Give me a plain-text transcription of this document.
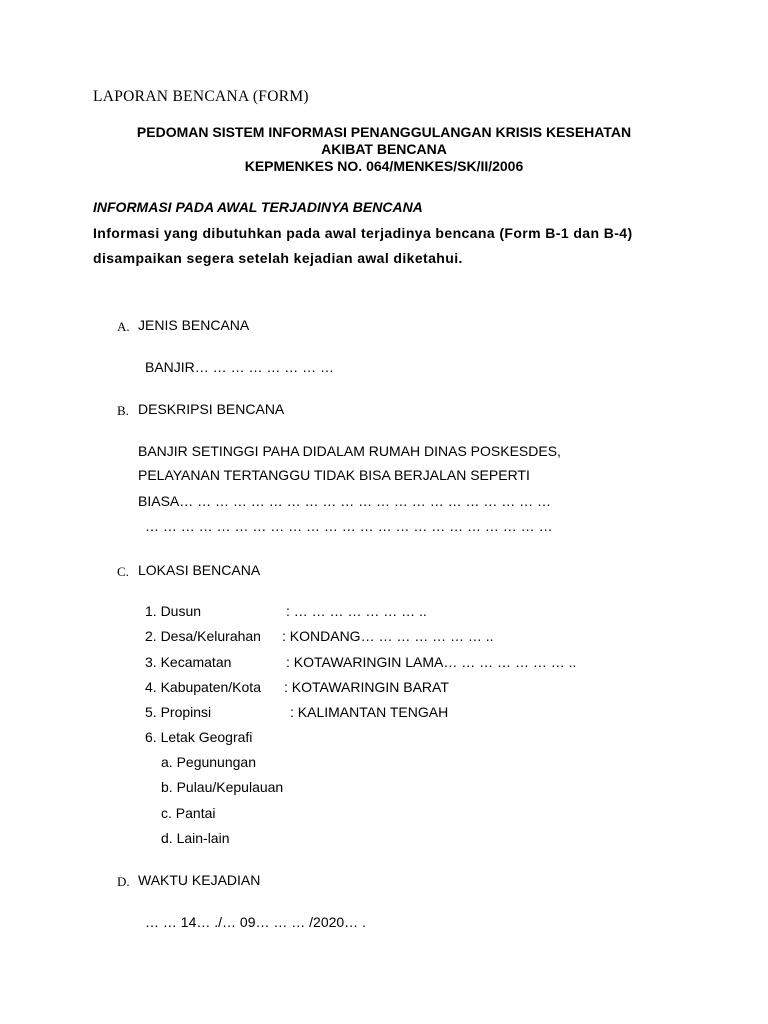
LAPORAN BENCANA (FORM)
PEDOMAN SISTEM INFORMASI PENANGGULANGAN KRISIS KESEHATAN
AKIBAT BENCANA
KEPMENKES NO. 064/MENKES/SK/II/2006
INFORMASI PADA AWAL TERJADINYA BENCANA
Informasi yang dibutuhkan pada awal terjadinya bencana (Form B-1 dan B-4)
disampaikan segera setelah kejadian awal diketahui.
A. JENIS BENCANA
BANJIR… … … … … … … …
B. DESKRIPSI BENCANA
BANJIR SETINGGI PAHA DIDALAM RUMAH DINAS POSKESDES,
PELAYANAN TERTANGGU TIDAK BISA BERJALAN SEPERTI
BIASA… … … … … … … … … … … … … … … … … … … … …
… … … … … … … … … … … … … … … … … … … … … … …
C. LOKASI BENCANA
1. Dusun	: … … … … … … … ..
2. Desa/Kelurahan : KONDANG… … … … … … … ..
3. Kecamatan	: KOTAWARINGIN LAMA… … … … … … … ..
4. Kabupaten/Kota : KOTAWARINGIN BARAT
5. Propinsi	: KALIMANTAN TENGAH
6. Letak Geografi
a. Pegunungan
b. Pulau/Kepulauan
c. Pantai
d. Lain-lain
D. WAKTU KEJADIAN
… … 14… ./… 09… … … /2020… .
